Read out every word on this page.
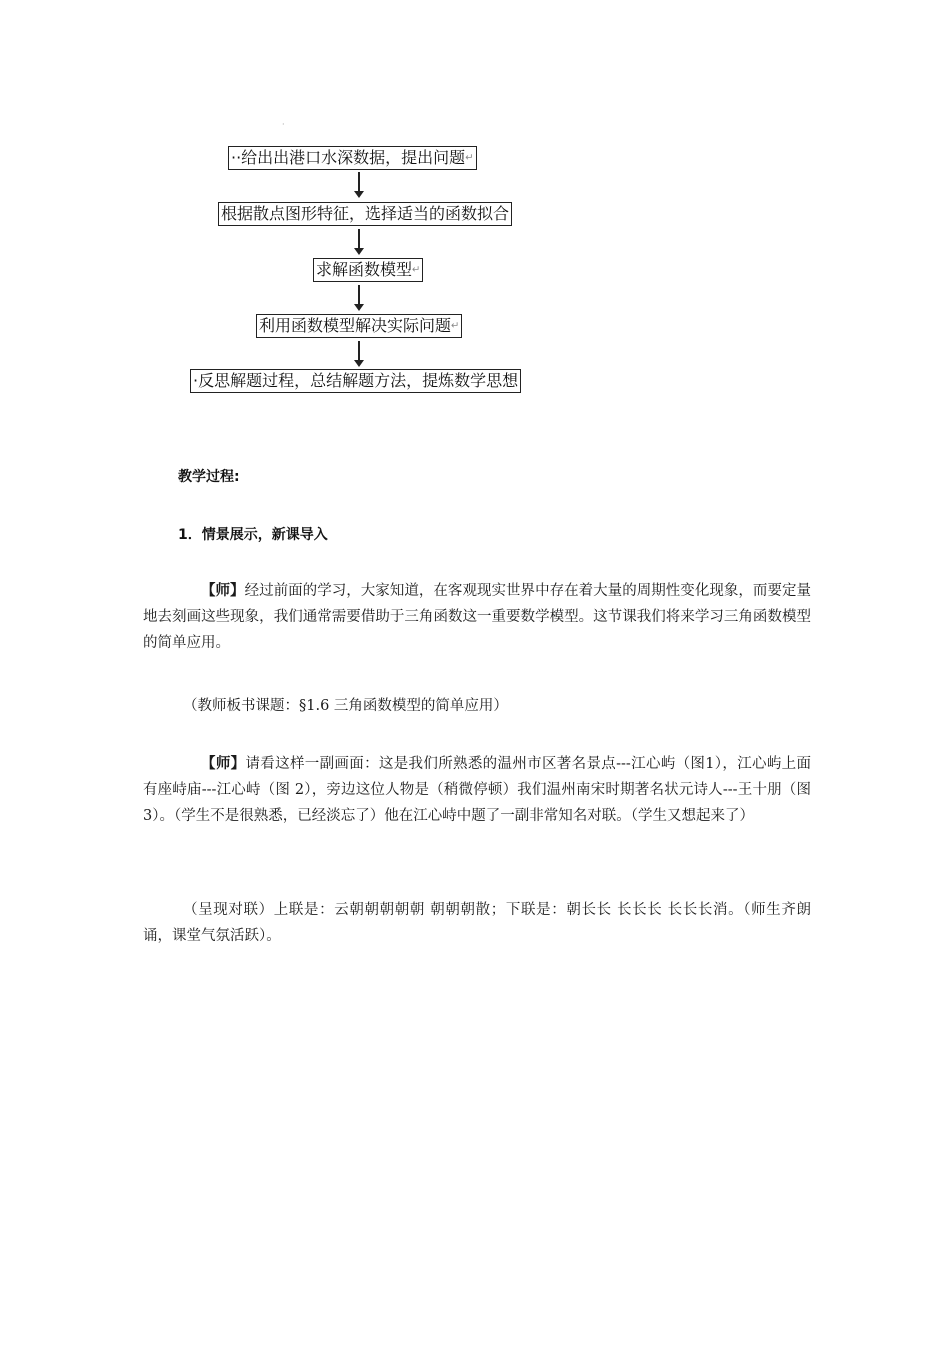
·
··给出出港口水深数据，提出问题↵
根据散点图形特征，选择适当的函数拟合
求解函数模型↵
利用函数模型解决实际问题↵
·反思解题过程，总结解题方法，提炼数学思想
教学过程:
1．情景展示，新课导入
【师】经过前面的学习，大家知道，在客观现实世界中存在着大量的周期性变化现象，而要定量地去刻画这些现象，我们通常需要借助于三角函数这一重要数学模型。这节课我们将来学习三角函数模型的简单应用。
（教师板书课题：§1.6 三角函数模型的简单应用）
【师】请看这样一副画面：这是我们所熟悉的温州市区著名景点---江心屿（图1），江心屿上面有座峙庙---江心峙（图 2），旁边这位人物是（稍微停顿）我们温州南宋时期著名状元诗人---王十朋（图 3）。（学生不是很熟悉，已经淡忘了）他在江心峙中题了一副非常知名对联。（学生又想起来了）
（呈现对联）上联是：云朝朝朝朝朝 朝朝朝散；下联是：朝长长 长长长 长长长消。（师生齐朗诵，课堂气氛活跃）。
